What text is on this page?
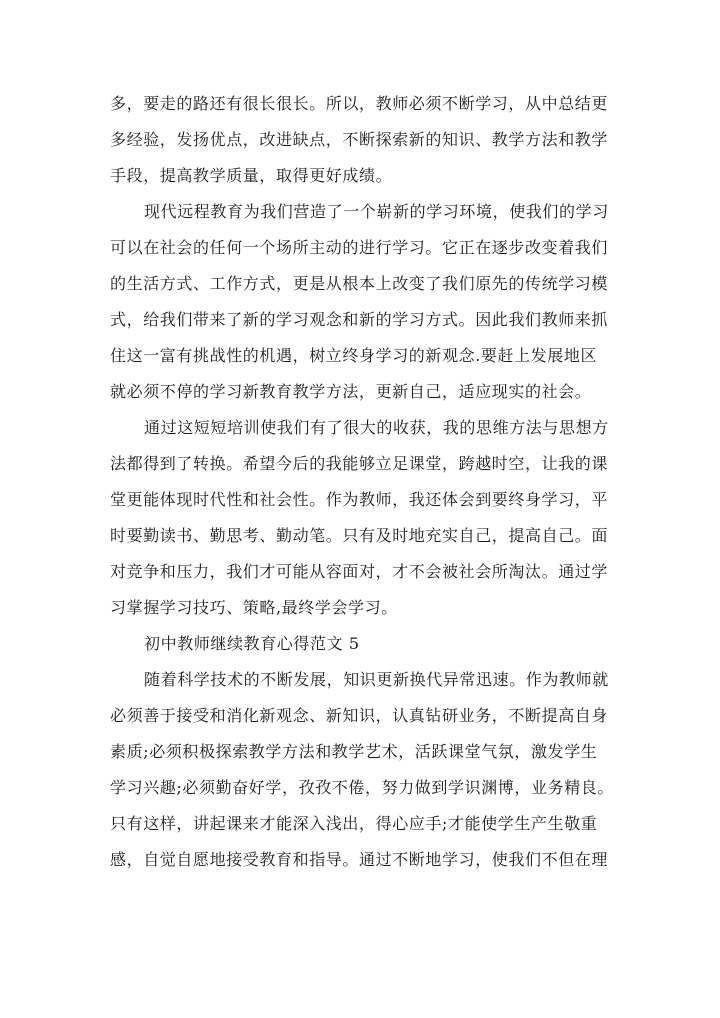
多，要走的路还有很长很长。所以，教师必须不断学习，从中总结更
多经验，发扬优点，改进缺点，不断探索新的知识、教学方法和教学
手段，提高教学质量，取得更好成绩。
现代远程教育为我们营造了一个崭新的学习环境，使我们的学习
可以在社会的任何一个场所主动的进行学习。它正在逐步改变着我们
的生活方式、工作方式，更是从根本上改变了我们原先的传统学习模
式，给我们带来了新的学习观念和新的学习方式。因此我们教师来抓
住这一富有挑战性的机遇，树立终身学习的新观念.要赶上发展地区
就必须不停的学习新教育教学方法，更新自己，适应现实的社会。
通过这短短培训使我们有了很大的收获，我的思维方法与思想方
法都得到了转换。希望今后的我能够立足课堂，跨越时空，让我的课
堂更能体现时代性和社会性。作为教师，我还体会到要终身学习，平
时要勤读书、勤思考、勤动笔。只有及时地充实自己，提高自己。面
对竞争和压力，我们才可能从容面对，才不会被社会所淘汰。通过学
习掌握学习技巧、策略,最终学会学习。
初中教师继续教育心得范文 5
随着科学技术的不断发展，知识更新换代异常迅速。作为教师就
必须善于接受和消化新观念、新知识，认真钻研业务，不断提高自身
素质;必须积极探索教学方法和教学艺术，活跃课堂气氛，激发学生
学习兴趣;必须勤奋好学，孜孜不倦，努力做到学识渊博，业务精良。
只有这样，讲起课来才能深入浅出，得心应手;才能使学生产生敬重
感，自觉自愿地接受教育和指导。通过不断地学习，使我们不但在理
